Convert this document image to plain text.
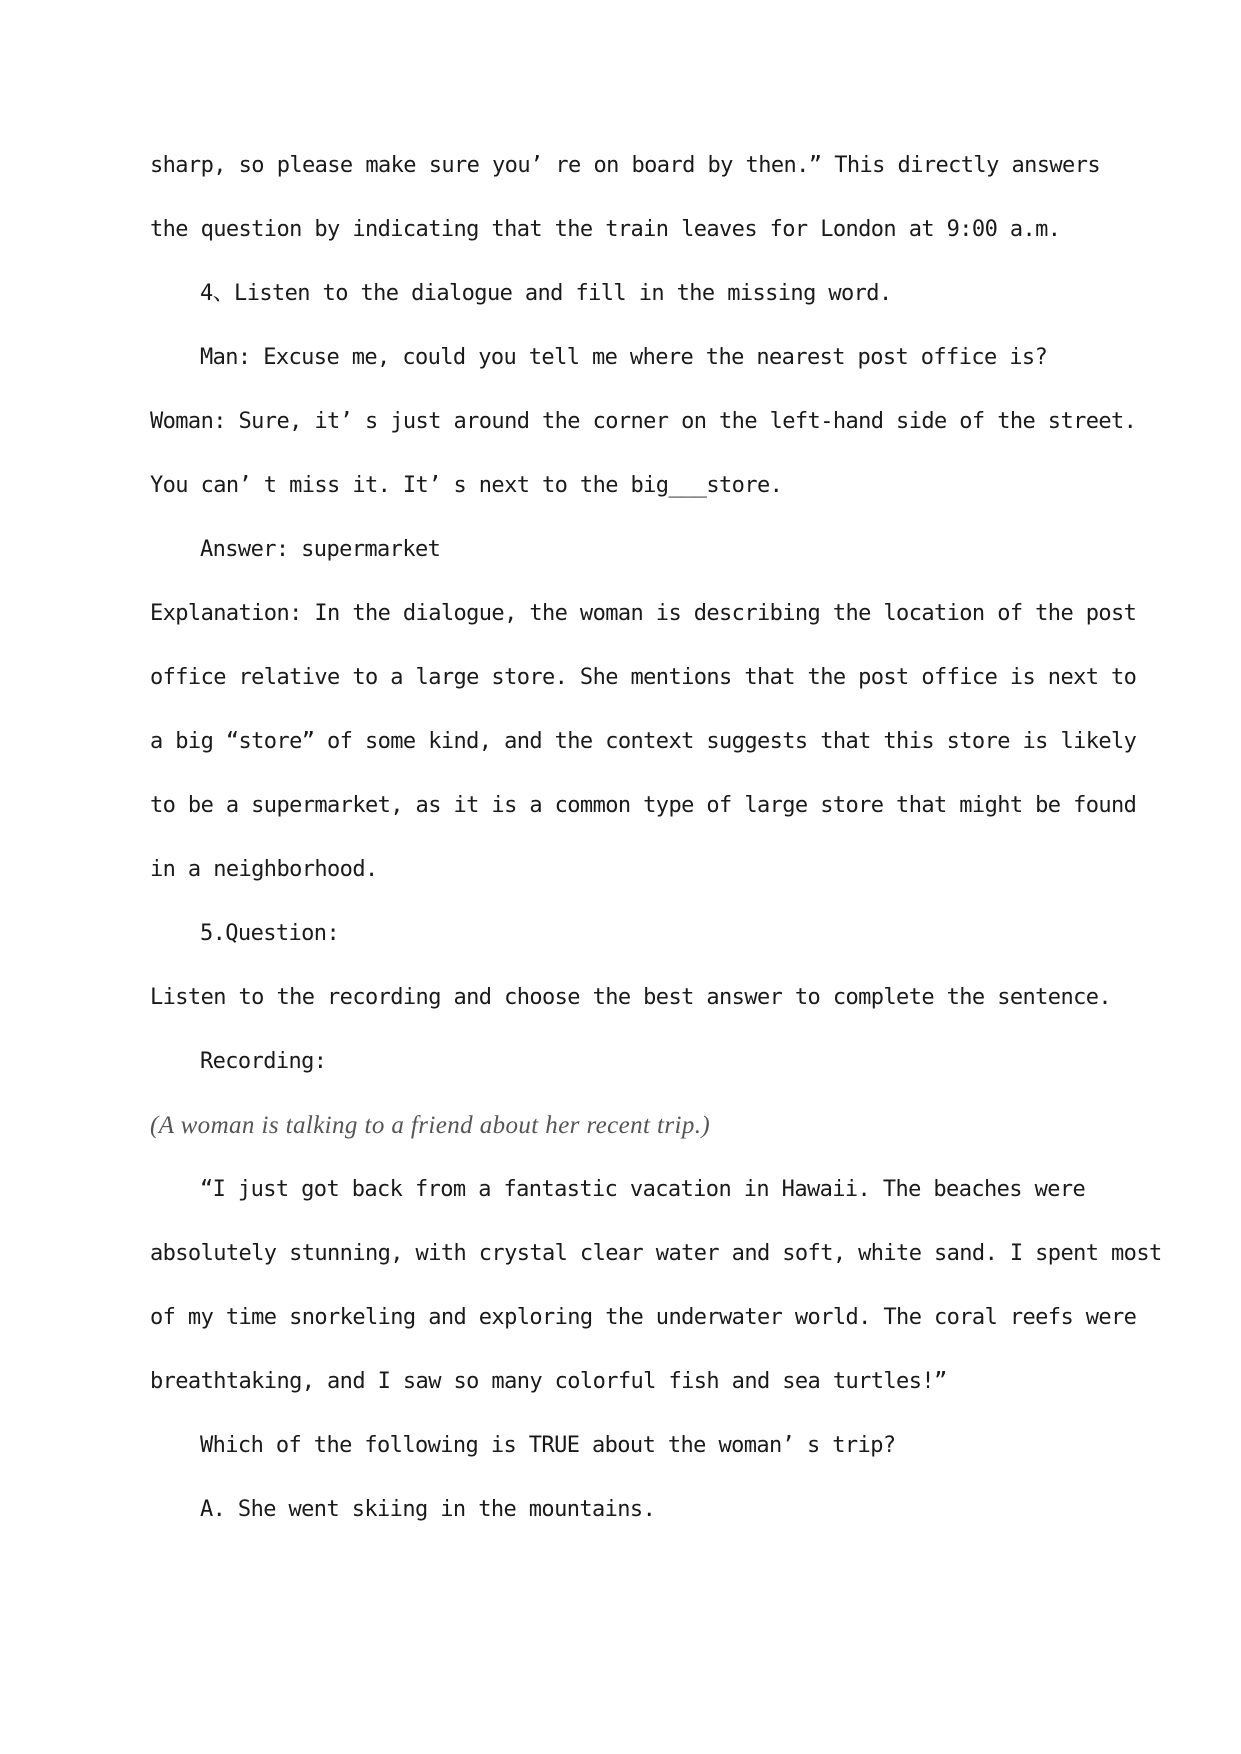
sharp, so please make sure you’ re on board by then.” This directly answers
the question by indicating that the train leaves for London at 9:00 a.m.
4、Listen to the dialogue and fill in the missing word.
Man: Excuse me, could you tell me where the nearest post office is?
Woman: Sure, it’ s just around the corner on the left-hand side of the street.
You can’ t miss it. It’ s next to the big___store.
Answer: supermarket
Explanation: In the dialogue, the woman is describing the location of the post
office relative to a large store. She mentions that the post office is next to
a big “store” of some kind, and the context suggests that this store is likely
to be a supermarket, as it is a common type of large store that might be found
in a neighborhood.
5.Question:
Listen to the recording and choose the best answer to complete the sentence.
Recording:
(A woman is talking to a friend about her recent trip.)
“I just got back from a fantastic vacation in Hawaii. The beaches were
absolutely stunning, with crystal clear water and soft, white sand. I spent most
of my time snorkeling and exploring the underwater world. The coral reefs were
breathtaking, and I saw so many colorful fish and sea turtles!”
Which of the following is TRUE about the woman’ s trip?
A. She went skiing in the mountains.
